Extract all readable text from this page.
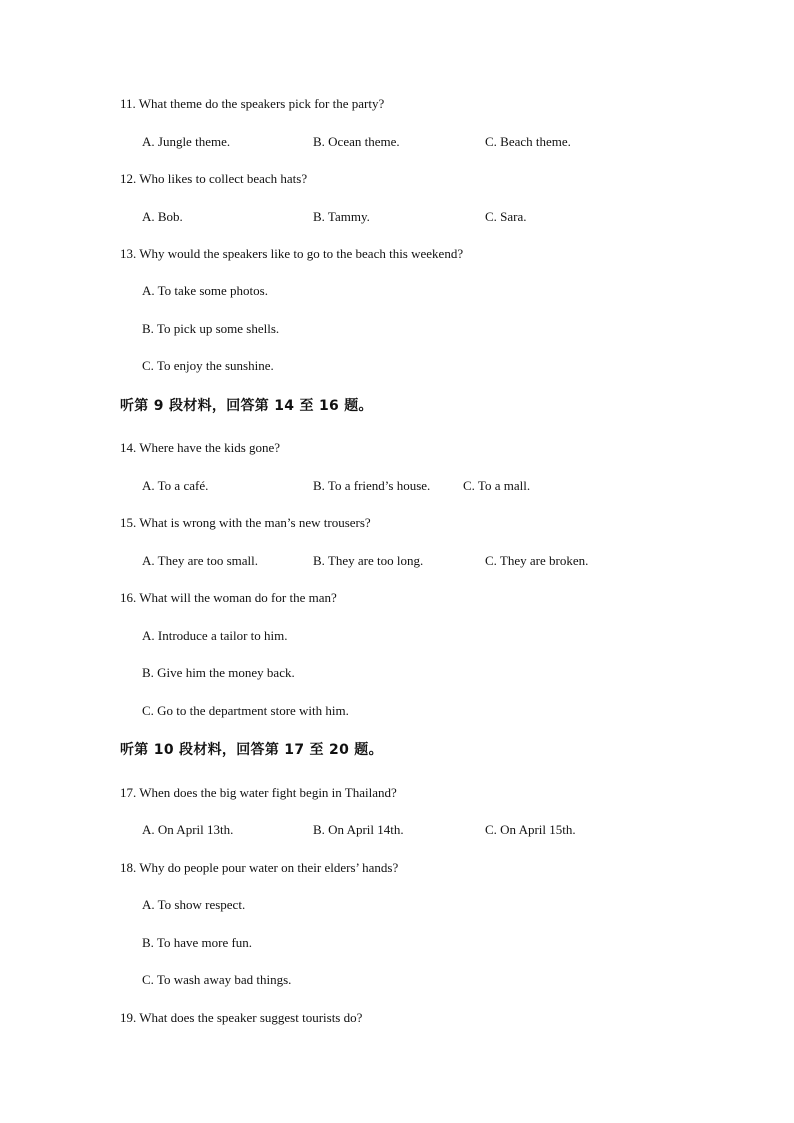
11. What theme do the speakers pick for the party?
A. Jungle theme.	B. Ocean theme.	C. Beach theme.
12. Who likes to collect beach hats?
A. Bob.	B. Tammy.	C. Sara.
13. Why would the speakers like to go to the beach this weekend?
A. To take some photos.
B. To pick up some shells.
C. To enjoy the sunshine.
听第 9 段材料，回答第 14 至 16 题。
14. Where have the kids gone?
A. To a café.	B. To a friend’s house.	C. To a mall.
15. What is wrong with the man’s new trousers?
A. They are too small.	B. They are too long.	C. They are broken.
16. What will the woman do for the man?
A. Introduce a tailor to him.
B. Give him the money back.
C. Go to the department store with him.
听第 10 段材料，回答第 17 至 20 题。
17. When does the big water fight begin in Thailand?
A. On April 13th.	B. On April 14th.	C. On April 15th.
18. Why do people pour water on their elders’ hands?
A. To show respect.
B. To have more fun.
C. To wash away bad things.
19. What does the speaker suggest tourists do?
